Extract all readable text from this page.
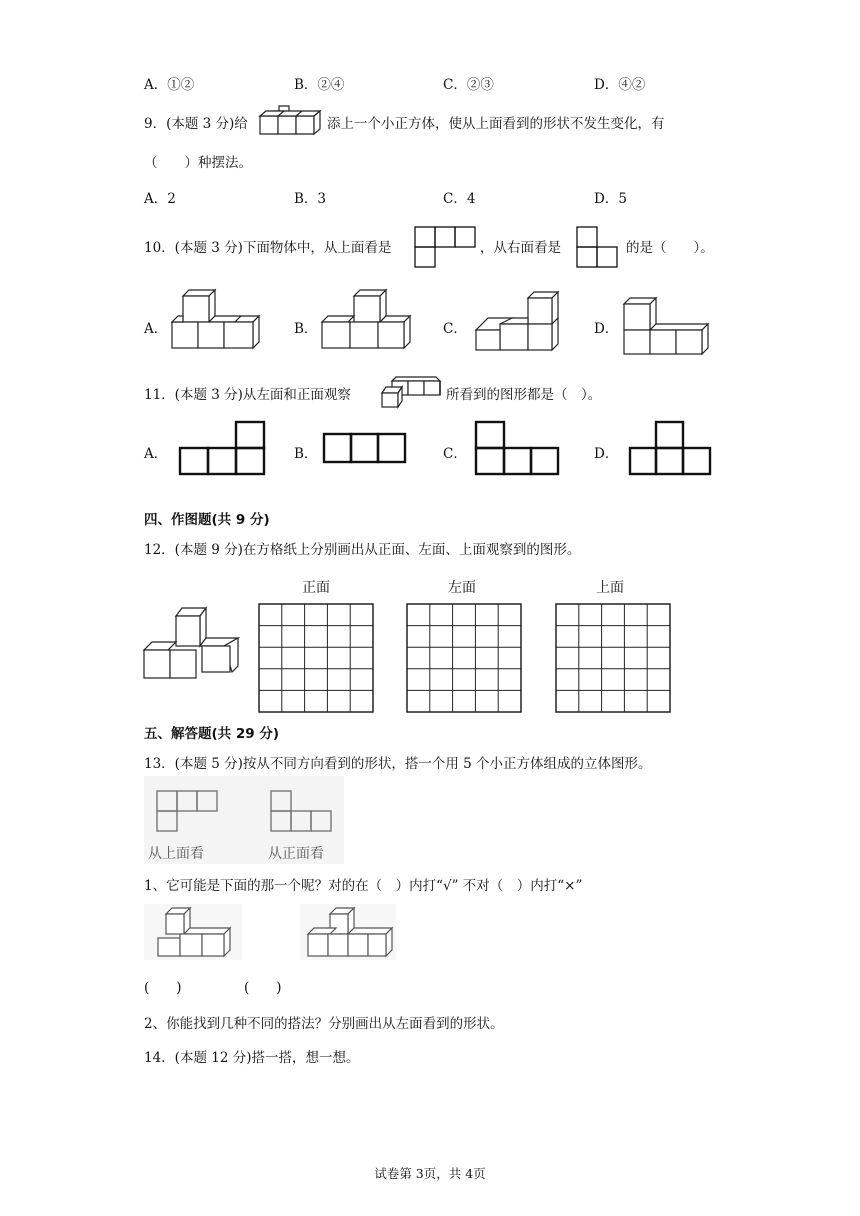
A．①②	B．②④	C．②③	D．④②
9．(本题 3 分)给	添上一个小正方体，使从上面看到的形状不发生变化，有
（　　）种摆法。
A．2	B．3	C．4	D．5
10．(本题 3 分)下面物体中，从上面看是	，从右面看是	的是（　　）。
A．	B．	C．	D．
11．(本题 3 分)从左面和正面观察	所看到的图形都是（　）。
A．	B．	C．	D．
四、作图题(共 9 分)
12．(本题 9 分)在方格纸上分别画出从正面、左面、上面观察到的图形。
正面	左面	上面
五、解答题(共 29 分)
13．(本题 5 分)按从不同方向看到的形状，搭一个用 5 个小正方体组成的立体图形。
从上面看	从正面看
1、它可能是下面的那一个呢？对的在（　）内打“√” 不对（　）内打“×”
(　　)	(　　)
2、你能找到几种不同的搭法？分别画出从左面看到的形状。
14．(本题 12 分)搭一搭，想一想。
试卷第 3页，共 4页
